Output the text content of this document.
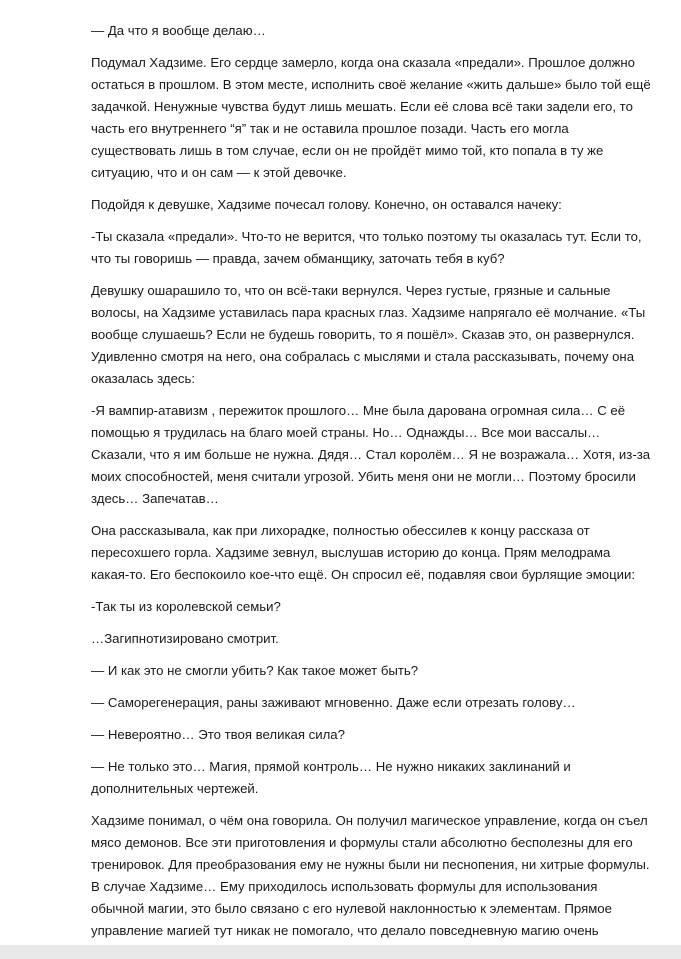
— Да что я вообще делаю…

Подумал Хадзиме. Его сердце замерло, когда она сказала «предали». Прошлое должно остаться в прошлом. В этом месте, исполнить своё желание «жить дальше» было той ещё задачкой. Ненужные чувства будут лишь мешать. Если её слова всё таки задели его, то часть его внутреннего “я” так и не оставила прошлое позади. Часть его могла существовать лишь в том случае, если он не пройдёт мимо той, кто попала в ту же ситуацию, что и он сам — к этой девочке.

Подойдя к девушке, Хадзиме почесал голову. Конечно, он оставался начеку:

-Ты сказала «предали». Что-то не верится, что только поэтому ты оказалась тут. Если то, что ты говоришь — правда, зачем обманщику, заточать тебя в куб?

Девушку ошарашило то, что он всё-таки вернулся. Через густые, грязные и сальные волосы, на Хадзиме уставилась пара красных глаз. Хадзиме напрягало её молчание. «Ты вообще слушаешь? Если не будешь говорить, то я пошёл». Сказав это, он развернулся. Удивленно смотря на него, она собралась с мыслями и стала рассказывать, почему она оказалась здесь:

-Я вампир-атавизм , пережиток прошлого… Мне была дарована огромная сила… С её помощью я трудилась на благо моей страны. Но… Однажды… Все мои вассалы… Сказали, что я им больше не нужна. Дядя… Стал королём… Я не возражала… Хотя, из-за моих способностей, меня считали угрозой. Убить меня они не могли… Поэтому бросили здесь… Запечатав…

Она рассказывала, как при лихорадке, полностью обессилев к концу рассказа от пересохшего горла. Хадзиме зевнул, выслушав историю до конца. Прям мелодрама какая-то. Его беспокоило кое-что ещё. Он спросил её, подавляя свои бурлящие эмоции:

-Так ты из королевской семьи?

…Загипнотизировано смотрит.

— И как это не смогли убить? Как такое может быть?

— Саморегенерация, раны заживают мгновенно. Даже если отрезать голову…

— Невероятно… Это твоя великая сила?

— Не только это… Магия, прямой контроль… Не нужно никаких заклинаний и дополнительных чертежей.

Хадзиме понимал, о чём она говорила. Он получил магическое управление, когда он съел мясо демонов. Все эти приготовления и формулы стали абсолютно бесполезны для его тренировок. Для преобразования ему не нужны были ни песнопения, ни хитрые формулы. В случае Хадзиме… Ему приходилось использовать формулы для использования обычной магии, это было связано с его нулевой наклонностью к элементам. Прямое управление магией тут никак не помогало, что делало повседневную магию очень
